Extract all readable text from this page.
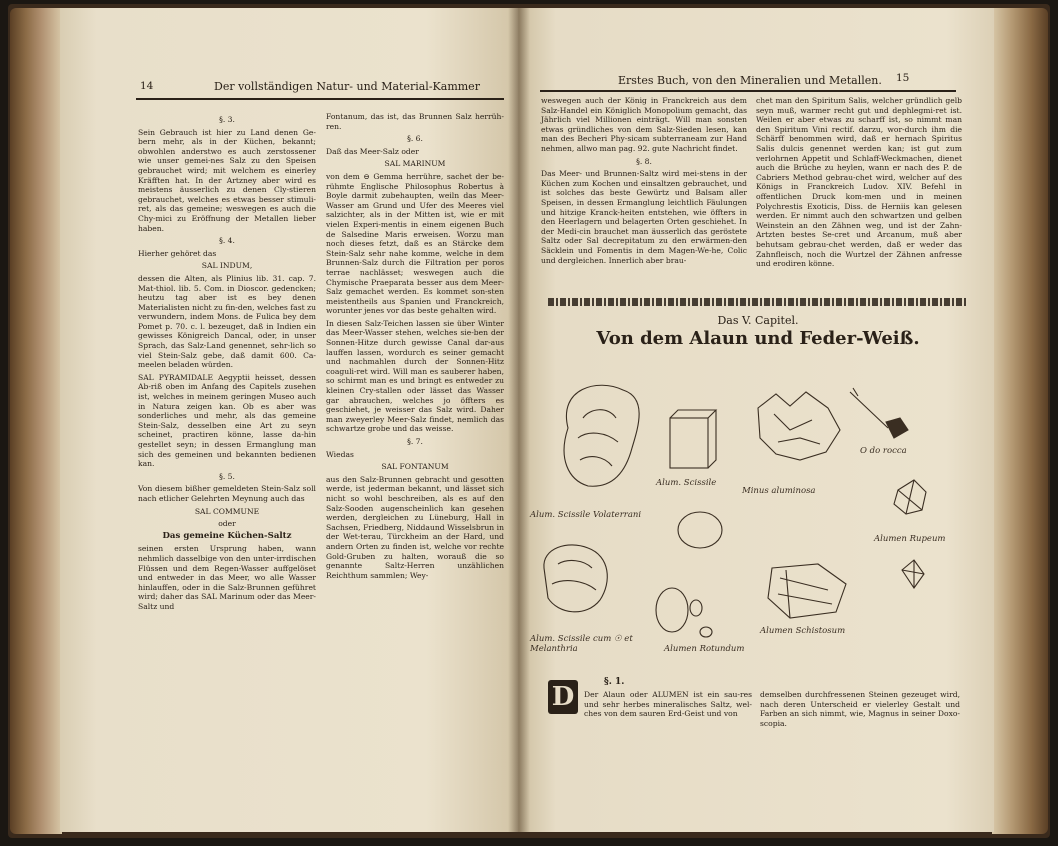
14	Der vollständigen Natur- und Material-Kammer

§. 3.

Sein Gebrauch ist hier zu Land denen Ge-bern mehr, als in der Küchen, bekannt; obwohlen anderstwo es auch zerstossener wie unser gemei-nes Salz zu den Speisen gebrauchet wird; mit welchem es einerley Kräfften hat. In der Artzney aber wird es meistens äusserlich zu denen Cly-stieren gebrauchet, welches es etwas besser stimuli-ret, als das gemeine; weswegen es auch die Chy-mici zu Eröffnung der Metallen lieber haben.

§. 4.

Hierher gehöret das

SAL INDUM,

dessen die Alten, als Plinius lib. 31. cap. 7. Mat-thiol. lib. 5. Com. in Dioscor. gedencken; heutzu tag aber ist es bey denen Materialisten nicht zu fin-den, welches fast zu verwundern, indem Mons. de Fulica bey dem Pomet p. 70. c. l. bezeuget, daß in Indien ein gewisses Königreich Dancal, oder, in unser Sprach, das Salz-Land genennet, sehr-lich so viel Stein-Salz gebe, daß damit 600. Ca-meelen beladen würden.

SAL PYRAMIDALE Aegyptii heisset, dessen Ab-riß oben im Anfang des Capitels zusehen ist, welches in meinem geringen Museo auch in Natura zeigen kan. Ob es aber was sonderliches und mehr, als das gemeine Stein-Salz, desselben eine Art zu seyn scheinet, practiren könne, lasse da-hin gestellet seyn; in dessen Ermanglung man sich des gemeinen und bekannten bedienen kan.

§. 5.

Von diesem bißher gemeldeten Stein-Salz soll nach etlicher Gelehrten Meynung auch das

SAL COMMUNE

oder

Das gemeine Küchen-Saltz

seinen ersten Ursprung haben, wann nehmlich dasselbige von den unter-irrdischen Flüssen und dem Regen-Wasser auffgelöset und entweder in das Meer, wo alle Wasser hinlauffen, oder in die Salz-Brunnen geführet wird; daher das SAL Marinum oder das Meer-Saltz und

Fontanum, das ist, das Brunnen Salz herrüh-ren.

§. 6.

Daß das Meer-Salz oder

SAL MARINUM

von dem ⊖ Gemma herrühre, sachet der be-rühmte Englische Philosophus Robertus à Boyle darmit zubehaupten, weiln das Meer-Wasser am Grund und Ufer des Meeres viel salzichter, als in der Mitten ist, wie er mit vielen Experi-mentis in einem eigenen Buch de Salsedine Maris erweisen. Worzu man noch dieses fetzt, daß es an Stärcke dem Stein-Salz sehr nahe komme, welche in dem Brunnen-Salz durch die Filtration per poros terrae nachlässet; weswegen auch die Chymische Praeparata besser aus dem Meer-Salz gemachet werden. Es kommet son-sten meistentheils aus Spanien und Franckreich, worunter jenes vor das beste gehalten wird.

In diesen Salz-Teichen lassen sie über Winter das Meer-Wasser stehen, welches sie-ben der Sonnen-Hitze durch gewisse Canal dar-aus lauffen lassen, wordurch es seiner gemacht und nachmahlen durch der Sonnen-Hitz coaguli-ret wird. Will man es sauberer haben, so schirmt man es und bringt es entweder zu kleinen Cry-stallen oder lässet das Wasser gar abrauchen, welches jo öffters es geschiehet, je weisser das Salz wird. Daher man zweyerley Meer-Salz findet, nemlich das schwartze grobe und das weisse.

§. 7.

Wiedas

SAL FONTANUM

aus den Salz-Brunnen gebracht und gesotten werde, ist jederman bekannt, und lässet sich nicht so wohl beschreiben, als es auf den Salz-Sooden augenscheinlich kan gesehen werden, dergleichen zu Lüneburg, Hall in Sachsen, Friedberg, Niddaund Wisselsbrun in der Wet-terau, Türckheim an der Hard, und andern Orten zu finden ist, welche vor rechte Gold-Gruben zu halten, worauß die so genannte Saltz-Herren unzählichen Reichthum sammlen; Wey-

Erstes Buch, von den Mineralien und Metallen. 15

weswegen auch der König in Franckreich aus dem Salz-Handel ein Königlich Monopolium gemacht, das Jährlich viel Millionen einträgt. Will man sonsten etwas gründliches von dem Salz-Sieden lesen, kan man des Becheri Phy-sicam subterraneam zur Hand nehmen, allwo man pag. 92. gute Nachricht findet.

§. 8.

Das Meer- und Brunnen-Saltz wird mei-stens in der Küchen zum Kochen und einsaltzen gebrauchet, und ist solches das beste Gewürtz und Balsam aller Speisen, in dessen Ermanglung leichtlich Fäulungen und hitzige Kranck-heiten entstehen, wie öffters in den Heerlagern und belagerten Orten geschiehet. In der Medi-cin brauchet man äusserlich das geröstete Saltz oder Sal decrepitatum zu den erwärmen-den Säcklein und Fomentis in dem Magen-We-he, Colic und dergleichen. Innerlich aber brau-

chet man den Spiritum Salis, welcher gründlich gelb seyn muß, warmer recht gut und dephlegmi-ret ist. Weilen er aber etwas zu scharff ist, so nimmt man den Spiritum Vini rectif. darzu, wor-durch ihm die Schärff benommen wird, daß er hernach Spiritus Salis dulcis genennet werden kan; ist gut zum verlohrnen Appetit und Schlaff-Weckmachen, dienet auch die Brüche zu heylen, wann er nach des P. de Cabriers Method gebrau-chet wird, welcher auf des Königs in Franckreich Ludov. XIV. Befehl in offentlichen Druck kom-men und in meinen Polychrestis Exoticis, Diss. de Herniis kan gelesen werden. Er nimmt auch den schwartzen und gelben Weinstein an den Zähnen weg, und ist der Zahn-Artzten bestes Se-cret und Arcanum, muß aber behutsam gebrau-chet werden, daß er weder das Zahnfleisch, noch die Wurtzel der Zähnen anfresse und erodiren könne.

Das V. Capitel.
Von dem Alaun und Feder-Weiß.
Alum. Scissile Volaterrani
Alum. Scissile
Minus aluminosa
O do rocca
Alumen Rupeum
Alum. Scissile cum ☉ et Melanthria	Alumen Rotundum
Alumen Schistosum
§. 1.
D	Der Alaun oder ALUMEN ist ein sau-res und sehr herbes mineralisches Saltz, wel-ches von dem sauren Erd-Geist und von
demselben durchfressenen Steinen gezeuget wird, nach deren Unterscheid er vielerley Gestalt und Farben an sich nimmt, wie, Magnus in seiner Doxo-scopia.
